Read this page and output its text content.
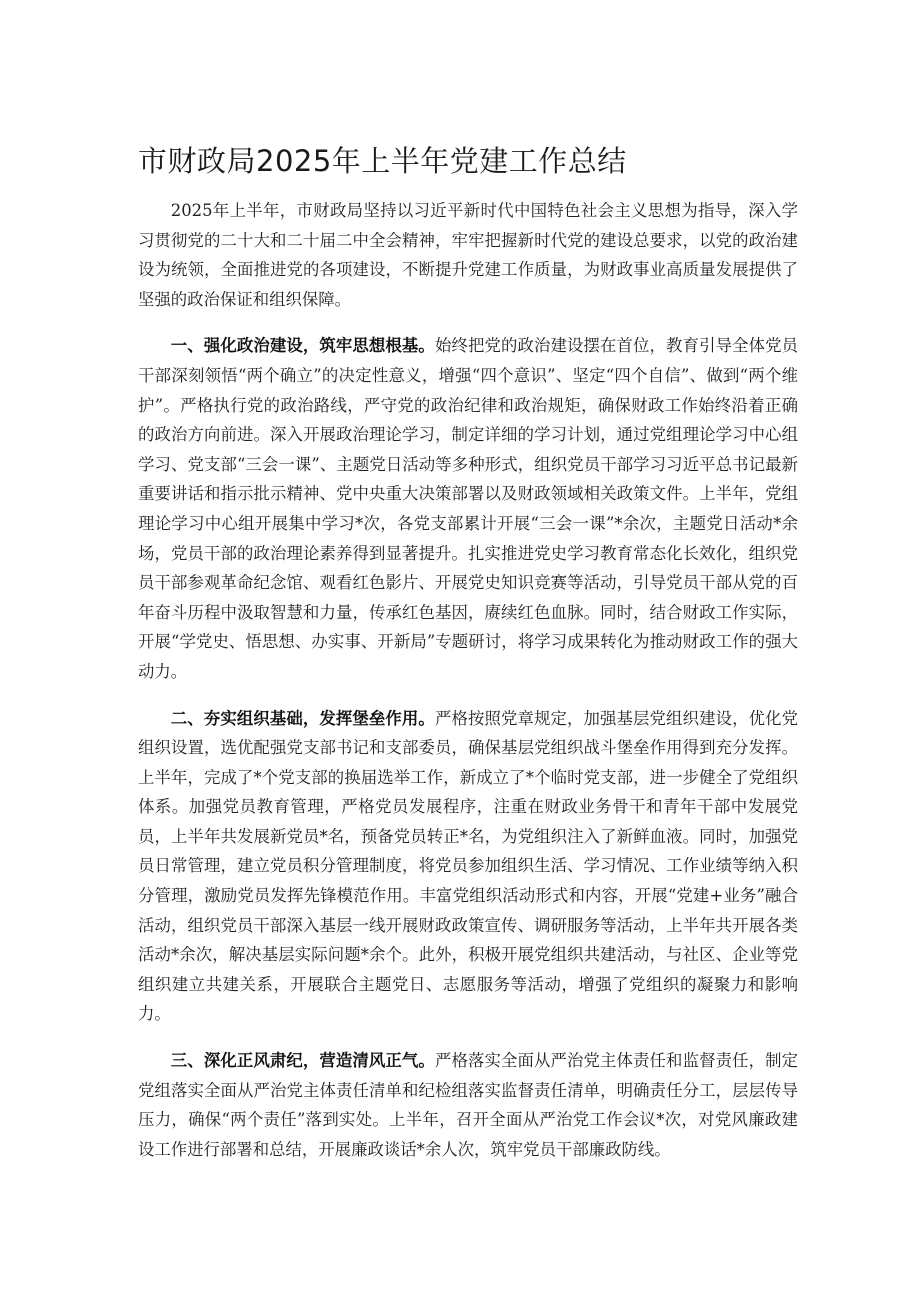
市财政局2025年上半年党建工作总结

2025年上半年，市财政局坚持以习近平新时代中国特色社会主义思想为指导，深入学习贯彻党的二十大和二十届二中全会精神，牢牢把握新时代党的建设总要求，以党的政治建设为统领，全面推进党的各项建设，不断提升党建工作质量，为财政事业高质量发展提供了坚强的政治保证和组织保障。

一、强化政治建设，筑牢思想根基。始终把党的政治建设摆在首位，教育引导全体党员干部深刻领悟“两个确立”的决定性意义，增强“四个意识”、坚定“四个自信”、做到“两个维护”。严格执行党的政治路线，严守党的政治纪律和政治规矩，确保财政工作始终沿着正确的政治方向前进。深入开展政治理论学习，制定详细的学习计划，通过党组理论学习中心组学习、党支部“三会一课”、主题党日活动等多种形式，组织党员干部学习习近平总书记最新重要讲话和指示批示精神、党中央重大决策部署以及财政领域相关政策文件。上半年，党组理论学习中心组开展集中学习*次，各党支部累计开展“三会一课”*余次，主题党日活动*余场，党员干部的政治理论素养得到显著提升。扎实推进党史学习教育常态化长效化，组织党员干部参观革命纪念馆、观看红色影片、开展党史知识竞赛等活动，引导党员干部从党的百年奋斗历程中汲取智慧和力量，传承红色基因，赓续红色血脉。同时，结合财政工作实际，开展“学党史、悟思想、办实事、开新局”专题研讨，将学习成果转化为推动财政工作的强大动力。

二、夯实组织基础，发挥堡垒作用。严格按照党章规定，加强基层党组织建设，优化党组织设置，选优配强党支部书记和支部委员，确保基层党组织战斗堡垒作用得到充分发挥。上半年，完成了*个党支部的换届选举工作，新成立了*个临时党支部，进一步健全了党组织体系。加强党员教育管理，严格党员发展程序，注重在财政业务骨干和青年干部中发展党员，上半年共发展新党员*名，预备党员转正*名，为党组织注入了新鲜血液。同时，加强党员日常管理，建立党员积分管理制度，将党员参加组织生活、学习情况、工作业绩等纳入积分管理，激励党员发挥先锋模范作用。丰富党组织活动形式和内容，开展“党建+业务”融合活动，组织党员干部深入基层一线开展财政政策宣传、调研服务等活动，上半年共开展各类活动*余次，解决基层实际问题*余个。此外，积极开展党组织共建活动，与社区、企业等党组织建立共建关系，开展联合主题党日、志愿服务等活动，增强了党组织的凝聚力和影响力。

三、深化正风肃纪，营造清风正气。严格落实全面从严治党主体责任和监督责任，制定党组落实全面从严治党主体责任清单和纪检组落实监督责任清单，明确责任分工，层层传导压力，确保“两个责任”落到实处。上半年，召开全面从严治党工作会议*次，对党风廉政建设工作进行部署和总结，开展廉政谈话*余人次，筑牢党员干部廉政防线。
